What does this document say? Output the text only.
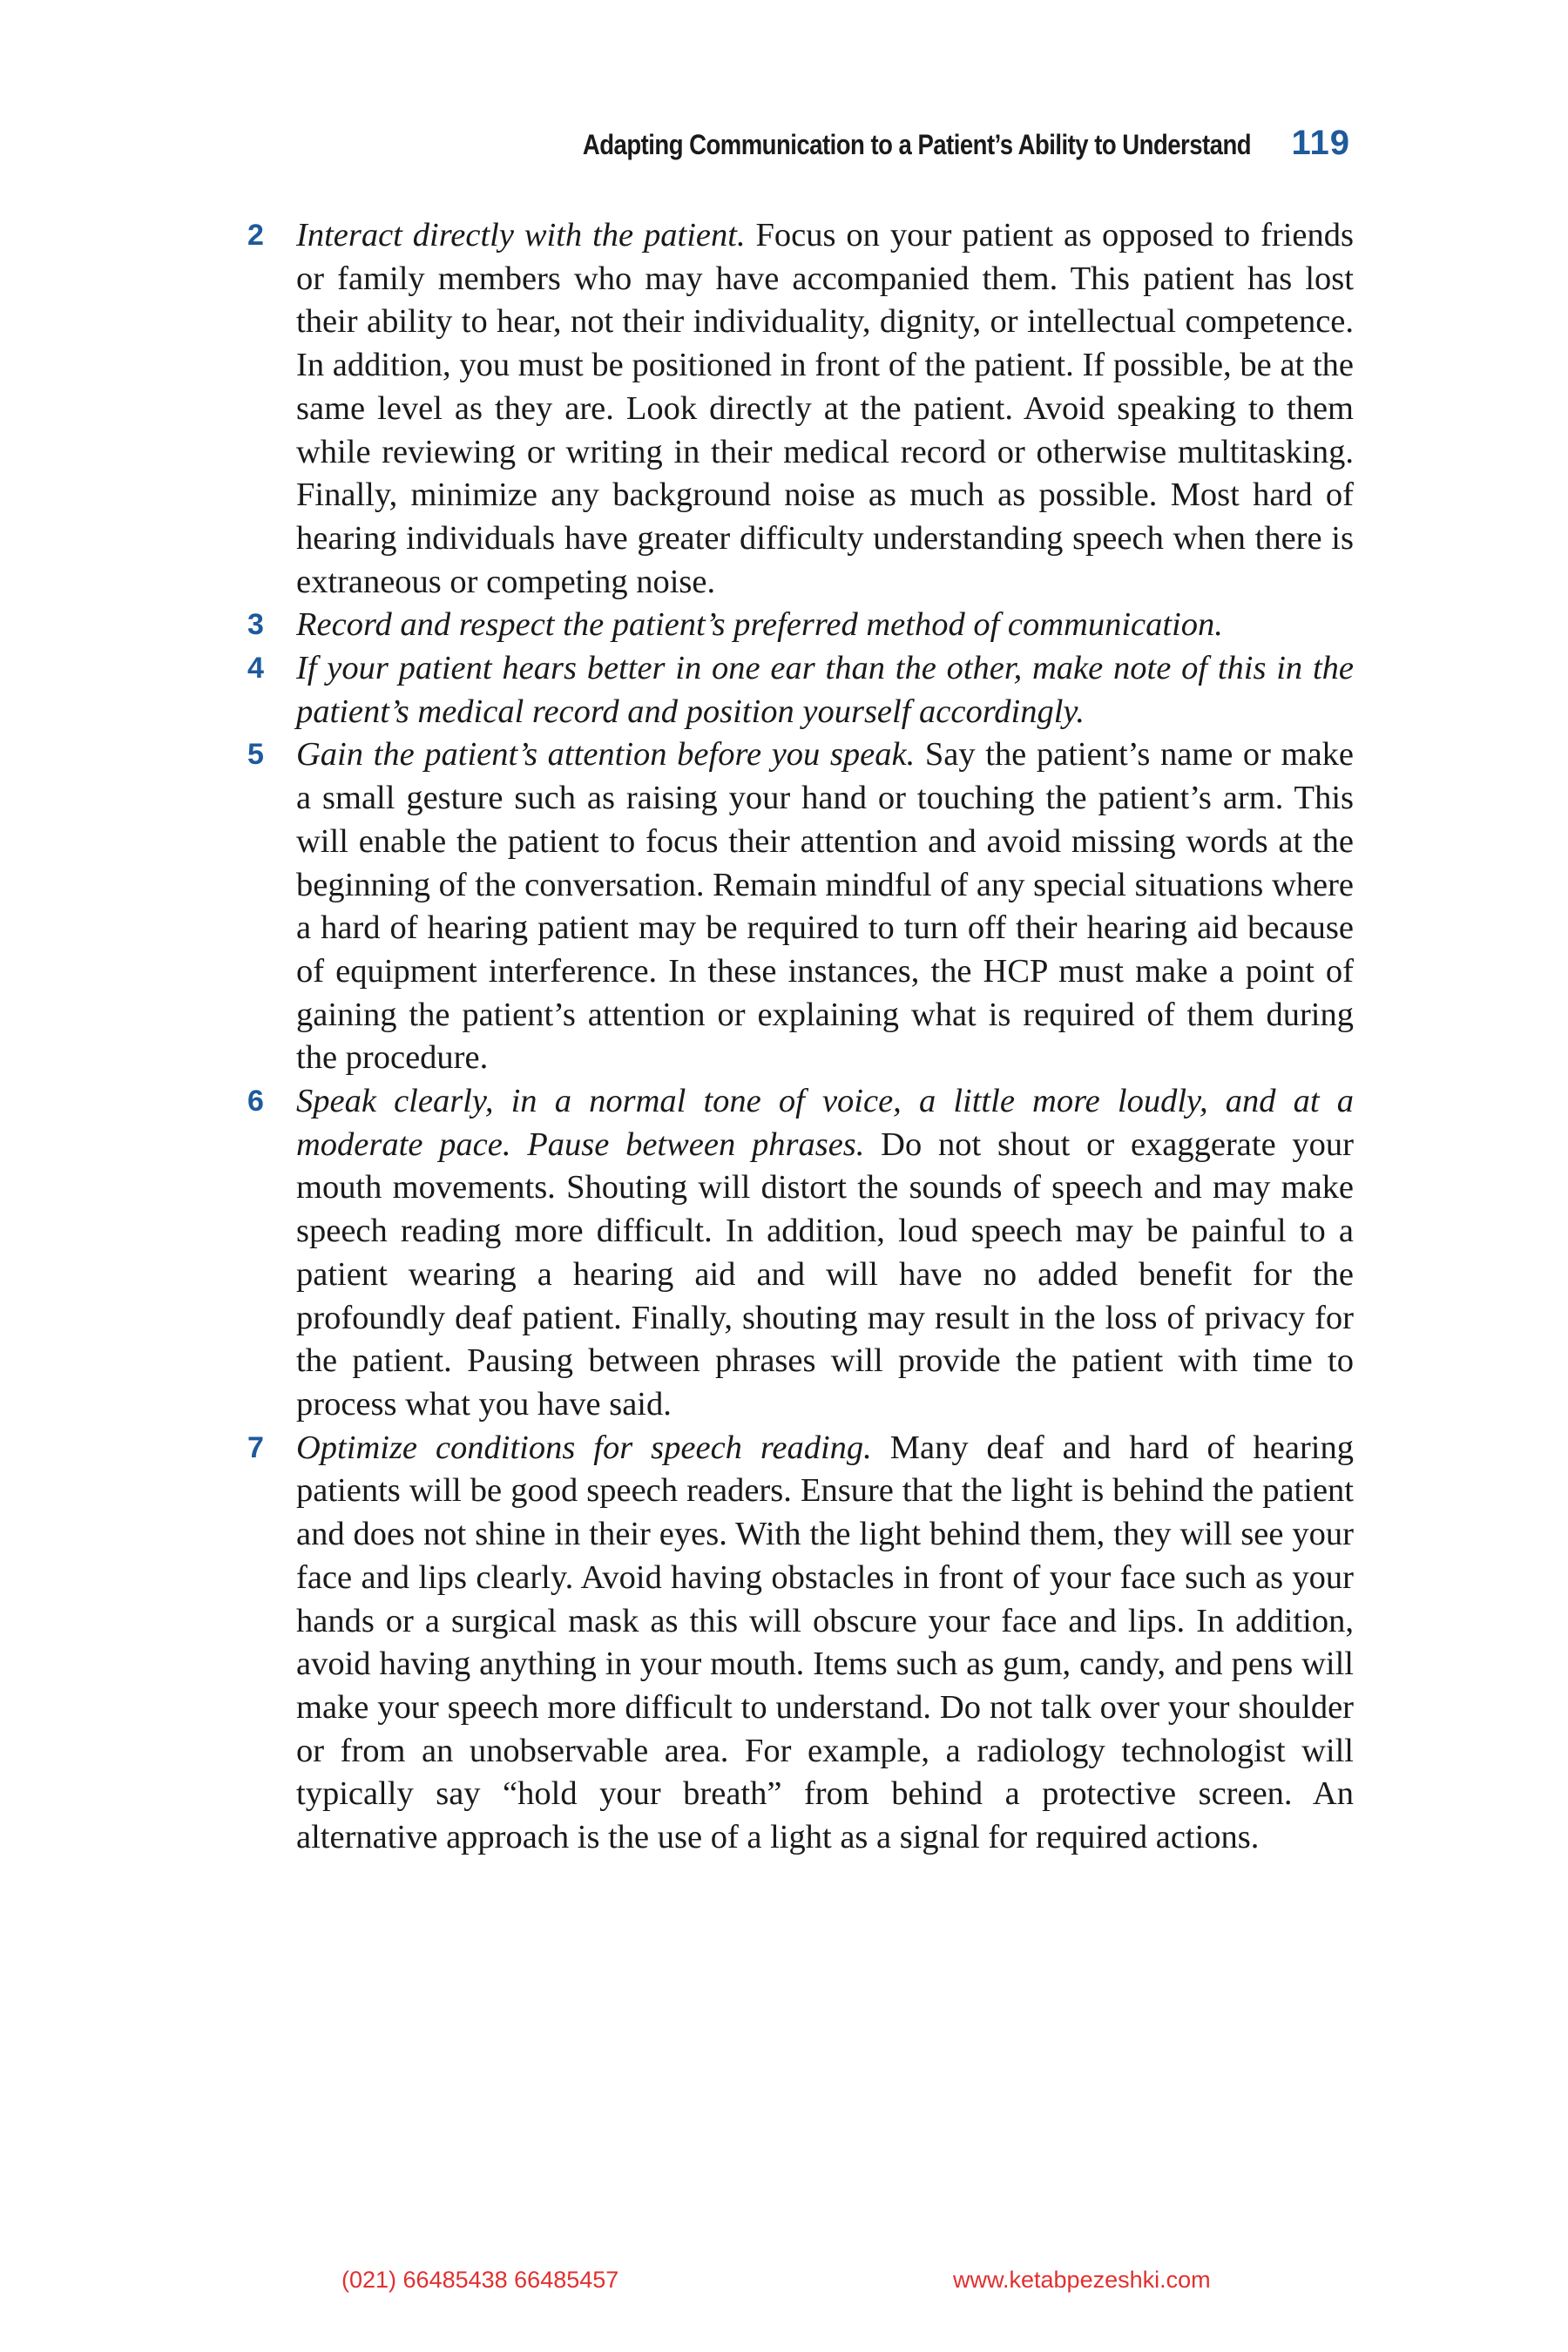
Adapting Communication to a Patient’s Ability to Understand 119
2 Interact directly with the patient. Focus on your patient as opposed to friends or family members who may have accompanied them. This patient has lost their ability to hear, not their individuality, dignity, or intellectual competence. In addition, you must be positioned in front of the patient. If possible, be at the same level as they are. Look directly at the patient. Avoid speaking to them while reviewing or writing in their medical record or otherwise multitasking. Finally, minimize any background noise as much as possible. Most hard of hearing individuals have greater difficulty understanding speech when there is extraneous or competing noise.
3 Record and respect the patient’s preferred method of communication.
4 If your patient hears better in one ear than the other, make note of this in the patient’s medical record and position yourself accordingly.
5 Gain the patient’s attention before you speak. Say the patient’s name or make a small gesture such as raising your hand or touching the patient’s arm. This will enable the patient to focus their attention and avoid missing words at the beginning of the conversation. Remain mindful of any special situations where a hard of hearing patient may be required to turn off their hearing aid because of equipment interference. In these instances, the HCP must make a point of gaining the patient’s attention or explaining what is required of them during the procedure.
6 Speak clearly, in a normal tone of voice, a little more loudly, and at a moderate pace. Pause between phrases. Do not shout or exaggerate your mouth movements. Shouting will distort the sounds of speech and may make speech reading more difficult. In addition, loud speech may be painful to a patient wearing a hearing aid and will have no added benefit for the profoundly deaf patient. Finally, shouting may result in the loss of privacy for the patient. Pausing between phrases will provide the patient with time to process what you have said.
7 Optimize conditions for speech reading. Many deaf and hard of hearing patients will be good speech readers. Ensure that the light is behind the patient and does not shine in their eyes. With the light behind them, they will see your face and lips clearly. Avoid having obstacles in front of your face such as your hands or a surgical mask as this will obscure your face and lips. In addition, avoid having anything in your mouth. Items such as gum, candy, and pens will make your speech more difficult to understand. Do not talk over your shoulder or from an unobservable area. For example, a radiology technologist will typically say “hold your breath” from behind a protective screen. An alternative approach is the use of a light as a signal for required actions.
(021) 66485438 66485457	www.ketabpezeshki.com
